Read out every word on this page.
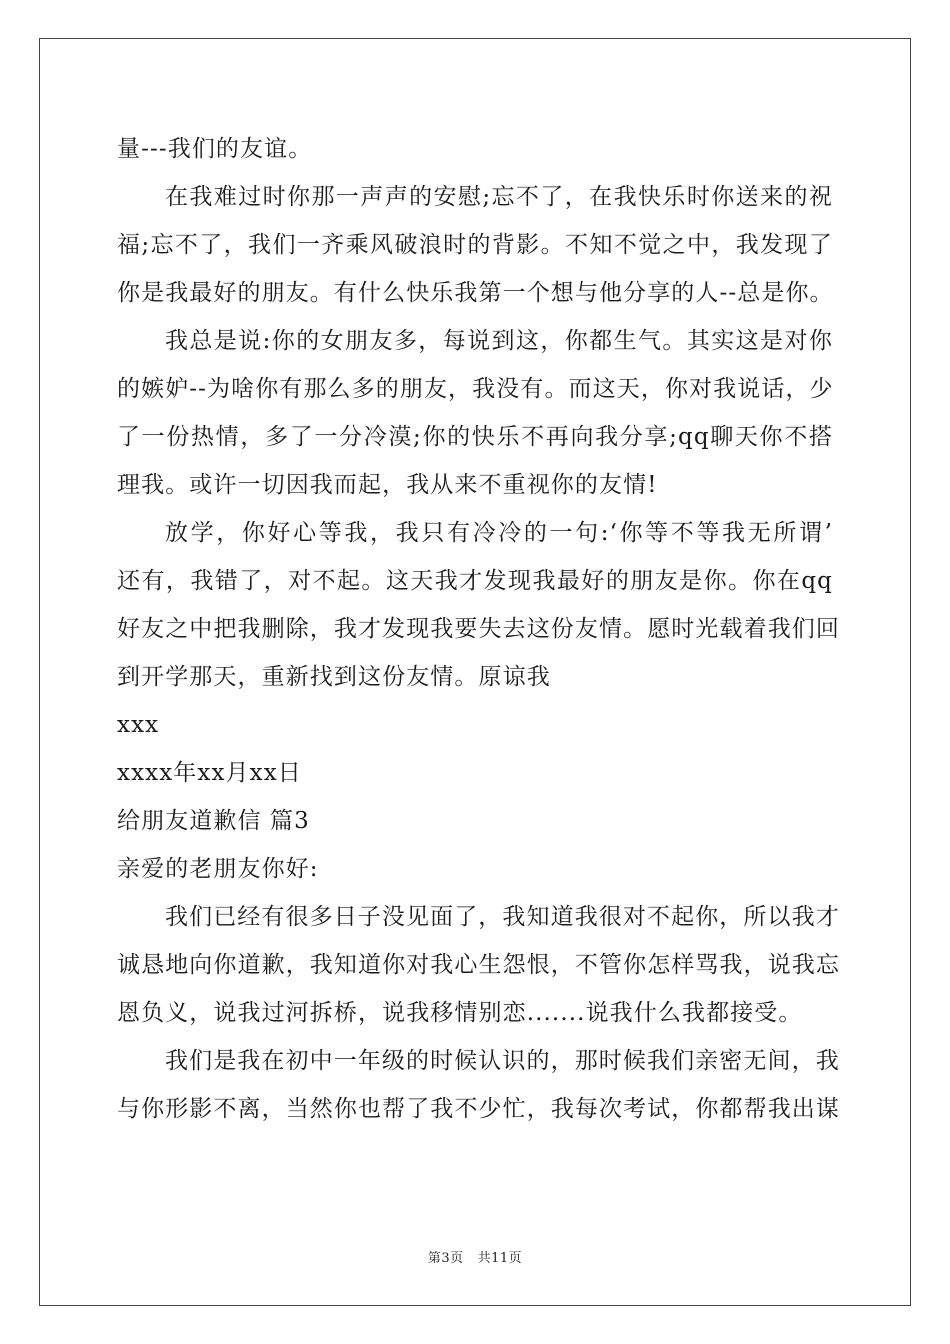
量---我们的友谊。
在我难过时你那一声声的安慰;忘不了，在我快乐时你送来的祝
福;忘不了，我们一齐乘风破浪时的背影。不知不觉之中，我发现了
你是我最好的朋友。有什么快乐我第一个想与他分享的人--总是你。
我总是说:你的女朋友多，每说到这，你都生气。其实这是对你
的嫉妒--为啥你有那么多的朋友，我没有。而这天，你对我说话，少
了一份热情，多了一分冷漠;你的快乐不再向我分享;qq聊天你不搭
理我。或许一切因我而起，我从来不重视你的友情!
放学，你好心等我，我只有冷冷的一句:‘你等不等我无所谓’
还有，我错了，对不起。这天我才发现我最好的朋友是你。你在qq
好友之中把我删除，我才发现我要失去这份友情。愿时光载着我们回
到开学那天，重新找到这份友情。原谅我
xxx
xxxx年xx月xx日
给朋友道歉信 篇3
亲爱的老朋友你好:
我们已经有很多日子没见面了，我知道我很对不起你，所以我才
诚恳地向你道歉，我知道你对我心生怨恨，不管你怎样骂我，说我忘
恩负义，说我过河拆桥，说我移情别恋.......说我什么我都接受。
我们是我在初中一年级的时候认识的，那时候我们亲密无间，我
与你形影不离，当然你也帮了我不少忙，我每次考试，你都帮我出谋
第3页 共11页
